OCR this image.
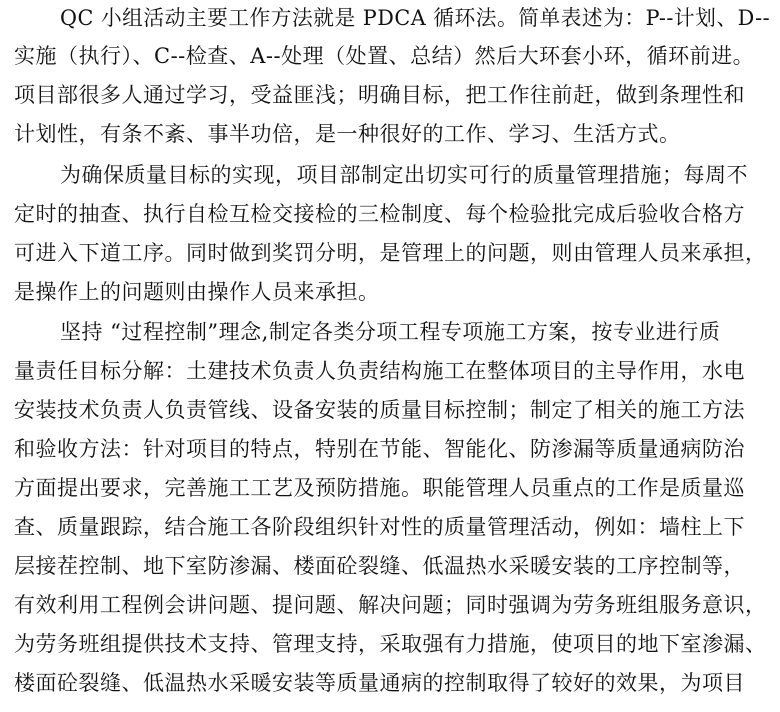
QC 小组活动主要工作方法就是 PDCA 循环法。简单表述为：P--计划、D--
实施（执行）、C--检查、A--处理（处置、总结）然后大环套小环，循环前进。
项目部很多人通过学习，受益匪浅；明确目标，把工作往前赶，做到条理性和
计划性，有条不紊、事半功倍，是一种很好的工作、学习、生活方式。
为确保质量目标的实现，项目部制定出切实可行的质量管理措施；每周不
定时的抽查、执行自检互检交接检的三检制度、每个检验批完成后验收合格方
可进入下道工序。同时做到奖罚分明，是管理上的问题，则由管理人员来承担，
是操作上的问题则由操作人员来承担。
坚持 “过程控制”理念,制定各类分项工程专项施工方案，按专业进行质
量责任目标分解：土建技术负责人负责结构施工在整体项目的主导作用，水电
安装技术负责人负责管线、设备安装的质量目标控制；制定了相关的施工方法
和验收方法：针对项目的特点，特别在节能、智能化、防渗漏等质量通病防治
方面提出要求，完善施工工艺及预防措施。职能管理人员重点的工作是质量巡
查、质量跟踪，结合施工各阶段组织针对性的质量管理活动，例如：墙柱上下
层接茬控制、地下室防渗漏、楼面砼裂缝、低温热水采暖安装的工序控制等，
有效利用工程例会讲问题、提问题、解决问题；同时强调为劳务班组服务意识，
为劳务班组提供技术支持、管理支持，采取强有力措施，使项目的地下室渗漏、
楼面砼裂缝、低温热水采暖安装等质量通病的控制取得了较好的效果，为项目
